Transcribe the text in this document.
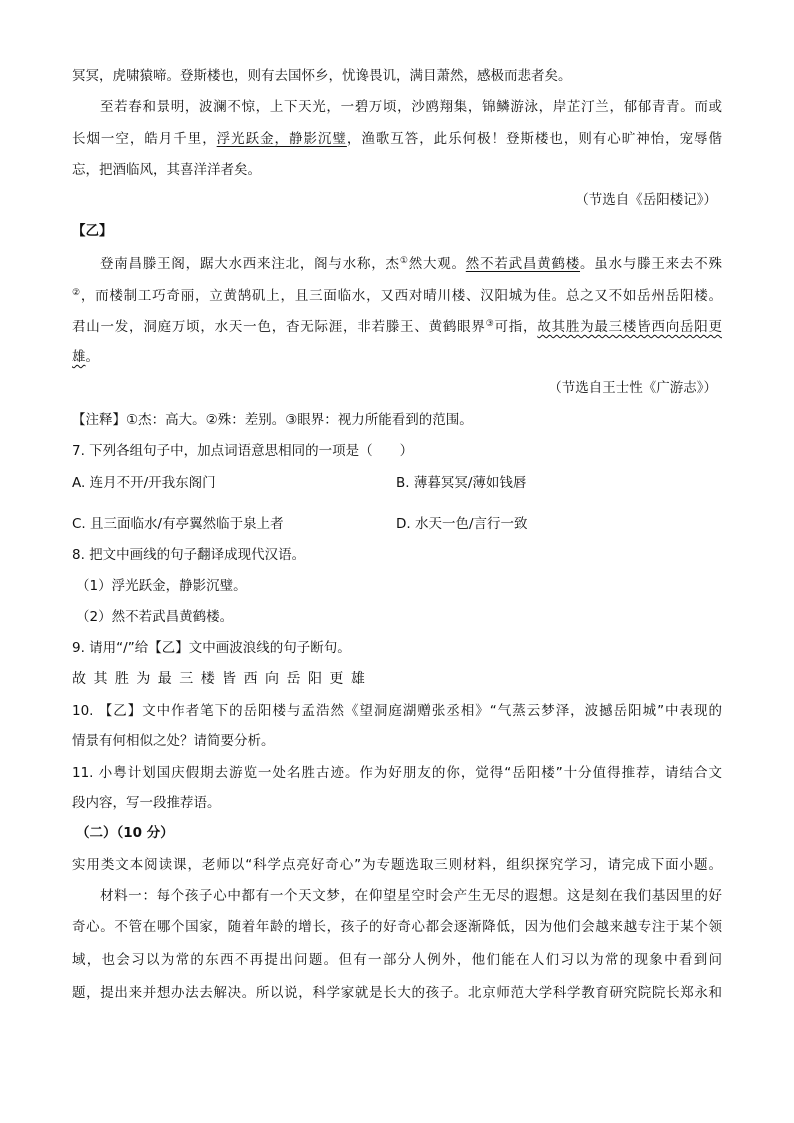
冥冥，虎啸猿啼。登斯楼也，则有去国怀乡，忧谗畏讥，满目萧然，感极而悲者矣。
至若春和景明，波澜不惊，上下天光，一碧万顷，沙鸥翔集，锦鳞游泳，岸芷汀兰，郁郁青青。而或
长烟一空，皓月千里，浮光跃金，静影沉璧，渔歌互答，此乐何极！登斯楼也，则有心旷神怡，宠辱偕
忘，把酒临风，其喜洋洋者矣。
（节选自《岳阳楼记》）
【乙】
登南昌滕王阁，踞大水西来注北，阁与水称，杰①然大观。然不若武昌黄鹤楼。虽水与滕王来去不殊
②，而楼制工巧奇丽，立黄鹄矶上，且三面临水，又西对晴川楼、汉阳城为佳。总之又不如岳州岳阳楼。
君山一发，洞庭万顷，水天一色，杳无际涯，非若滕王、黄鹤眼界③可指，故其胜为最三楼皆西向岳阳更
雄。
（节选自王士性《广游志》）
【注释】①杰：高大。②殊：差别。③眼界：视力所能看到的范围。
7. 下列各组句子中，加点词语意思相同的一项是（　　）
A. 连月不开/开我东阁门	B. 薄暮冥冥/薄如钱唇
C. 且三面临水/有亭翼然临于泉上者	D. 水天一色/言行一致
8. 把文中画线的句子翻译成现代汉语。
（1）浮光跃金，静影沉璧。
（2）然不若武昌黄鹤楼。
9. 请用“/”给【乙】文中画波浪线的句子断句。
故 其 胜 为 最 三 楼 皆 西 向 岳 阳 更 雄
10. 【乙】文中作者笔下的岳阳楼与孟浩然《望洞庭湖赠张丞相》“气蒸云梦泽，波撼岳阳城”中表现的
情景有何相似之处？请简要分析。
11. 小粤计划国庆假期去游览一处名胜古迹。作为好朋友的你，觉得“岳阳楼”十分值得推荐，请结合文
段内容，写一段推荐语。
（二）（10 分）
实用类文本阅读课，老师以“科学点亮好奇心”为专题选取三则材料，组织探究学习，请完成下面小题。
材料一：每个孩子心中都有一个天文梦，在仰望星空时会产生无尽的遐想。这是刻在我们基因里的好
奇心。不管在哪个国家，随着年龄的增长，孩子的好奇心都会逐渐降低，因为他们会越来越专注于某个领
域，也会习以为常的东西不再提出问题。但有一部分人例外，他们能在人们习以为常的现象中看到问
题，提出来并想办法去解决。所以说，科学家就是长大的孩子。北京师范大学科学教育研究院院长郑永和
